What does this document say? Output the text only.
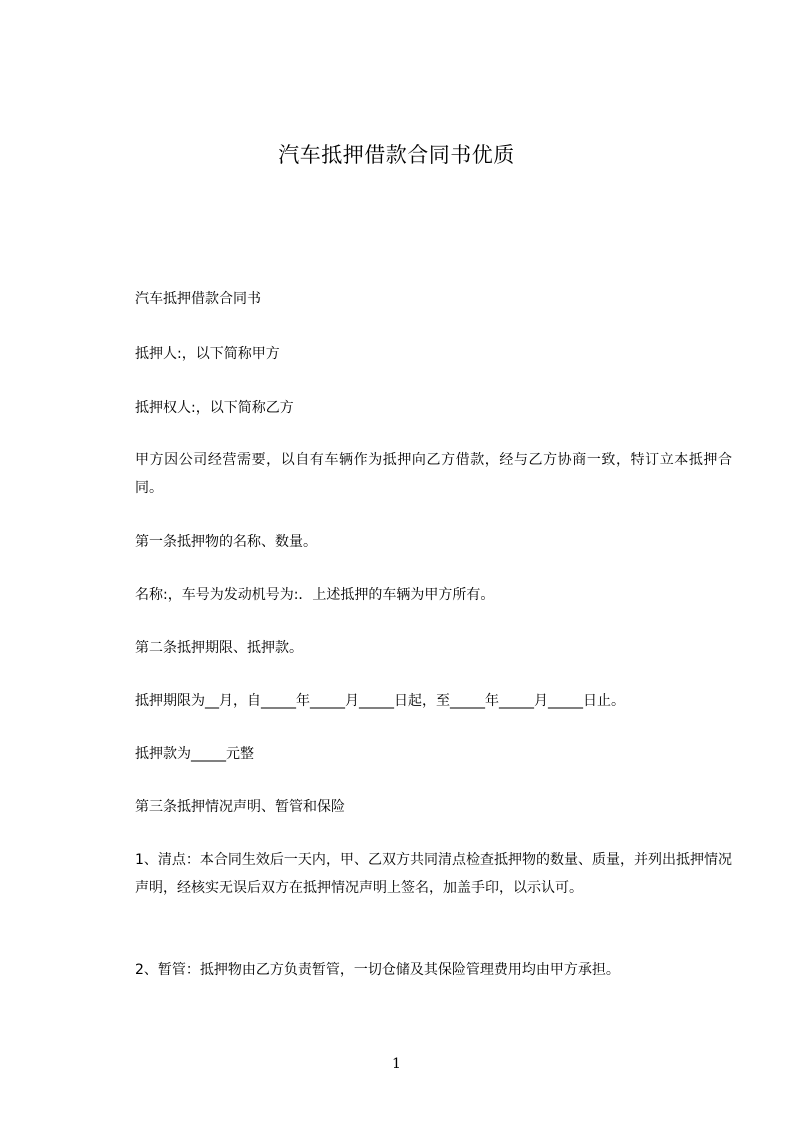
汽车抵押借款合同书优质
汽车抵押借款合同书
抵押人:，以下简称甲方
抵押权人:，以下简称乙方
甲方因公司经营需要，以自有车辆作为抵押向乙方借款，经与乙方协商一致，特订立本抵押合同。
第一条抵押物的名称、数量。
名称:，车号为发动机号为:．上述抵押的车辆为甲方所有。
第二条抵押期限、抵押款。
抵押期限为__月，自_____年_____月_____日起，至_____年_____月_____日止。
抵押款为_____元整
第三条抵押情况声明、暂管和保险
1、清点：本合同生效后一天内，甲、乙双方共同清点检查抵押物的数量、质量，并列出抵押情况声明，经核实无误后双方在抵押情况声明上签名，加盖手印，以示认可。
2、暂管：抵押物由乙方负责暂管，一切仓储及其保险管理费用均由甲方承担。
1
